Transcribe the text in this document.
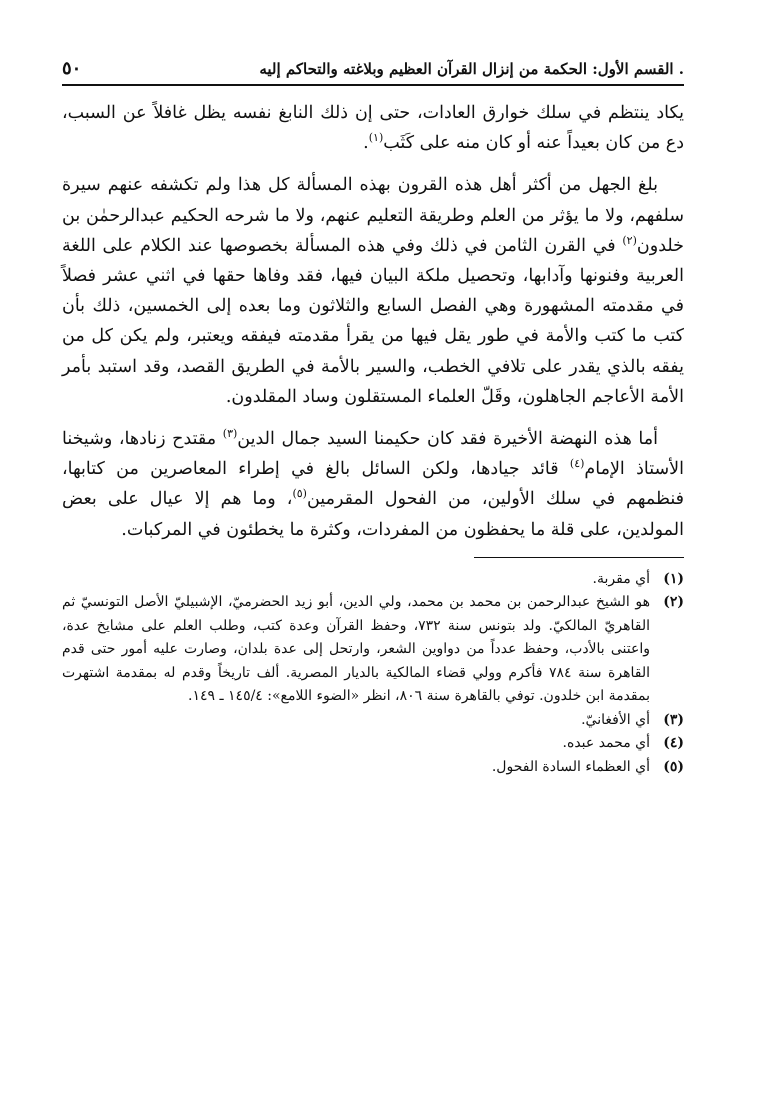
. القسم الأول: الحكمة من إنزال القرآن العظيم وبلاغته والتحاكم إليه
٥٠

يكاد ينتظم في سلك خوارق العادات، حتى إن ذلك النابغ نفسه يظل غافلاً عن السبب، دع من كان بعيداً عنه أو كان منه على كَثَب$^{(١)}$.

بلغ الجهل من أكثر أهل هذه القرون بهذه المسألة كل هذا ولم تكشفه عنهم سيرة سلفهم، ولا ما يؤثر من العلم وطريقة التعليم عنهم، ولا ما شرحه الحكيم عبدالرحمٰن بن خلدون$^{(٢)}$ في القرن الثامن في ذلك وفي هذه المسألة بخصوصها عند الكلام على اللغة العربية وفنونها وآدابها، وتحصيل ملكة البيان فيها، فقد وفاها حقها في اثني عشر فصلاً في مقدمته المشهورة وهي الفصل السابع والثلاثون وما بعده إلى الخمسين، ذلك بأن كتب ما كتب والأمة في طور يقل فيها من يقرأ مقدمته فيفقه ويعتبر، ولم يكن كل من يفقه بالذي يقدر على تلافي الخطب، والسير بالأمة في الطريق القصد، وقد استبد بأمر الأمة الأعاجم الجاهلون، وقَلّ العلماء المستقلون وساد المقلدون.

أما هذه النهضة الأخيرة فقد كان حكيمنا السيد جمال الدين$^{(٣)}$ مقتدح زنادها، وشيخنا الأستاذ الإمام$^{(٤)}$ قائد جيادها، ولكن السائل بالغ في إطراء المعاصرين من كتابها، فنظمهم في سلك الأولين، من الفحول المقرمين$^{(٥)}$، وما هم إلا عيال على بعض المولدين، على قلة ما يحفظون من المفردات، وكثرة ما يخطئون في المركبات.

(١)
أي مقربة.
(٢)
هو الشيخ عبدالرحمن بن محمد بن محمد، ولي الدين، أبو زيد الحضرميّ، الإشبيليّ الأصل التونسيّ ثم القاهريّ المالكيّ. ولد بتونس سنة ٧٣٢، وحفظ القرآن وعدة كتب، وطلب العلم على مشايخ عدة، واعتنى بالأدب، وحفظ عدداً من دواوين الشعر، وارتحل إلى عدة بلدان، وصارت عليه أمور حتى قدم القاهرة سنة ٧٨٤ فأكرم وولي قضاء المالكية بالديار المصرية. ألف تاريخاً وقدم له بمقدمة اشتهرت بمقدمة ابن خلدون. توفي بالقاهرة سنة ٨٠٦، انظر «الضوء اللامع»: ١٤٥/٤ ـ ١٤٩.
(٣)
أي الأفغانيّ.
(٤)
أي محمد عبده.
(٥)
أي العظماء السادة الفحول.
